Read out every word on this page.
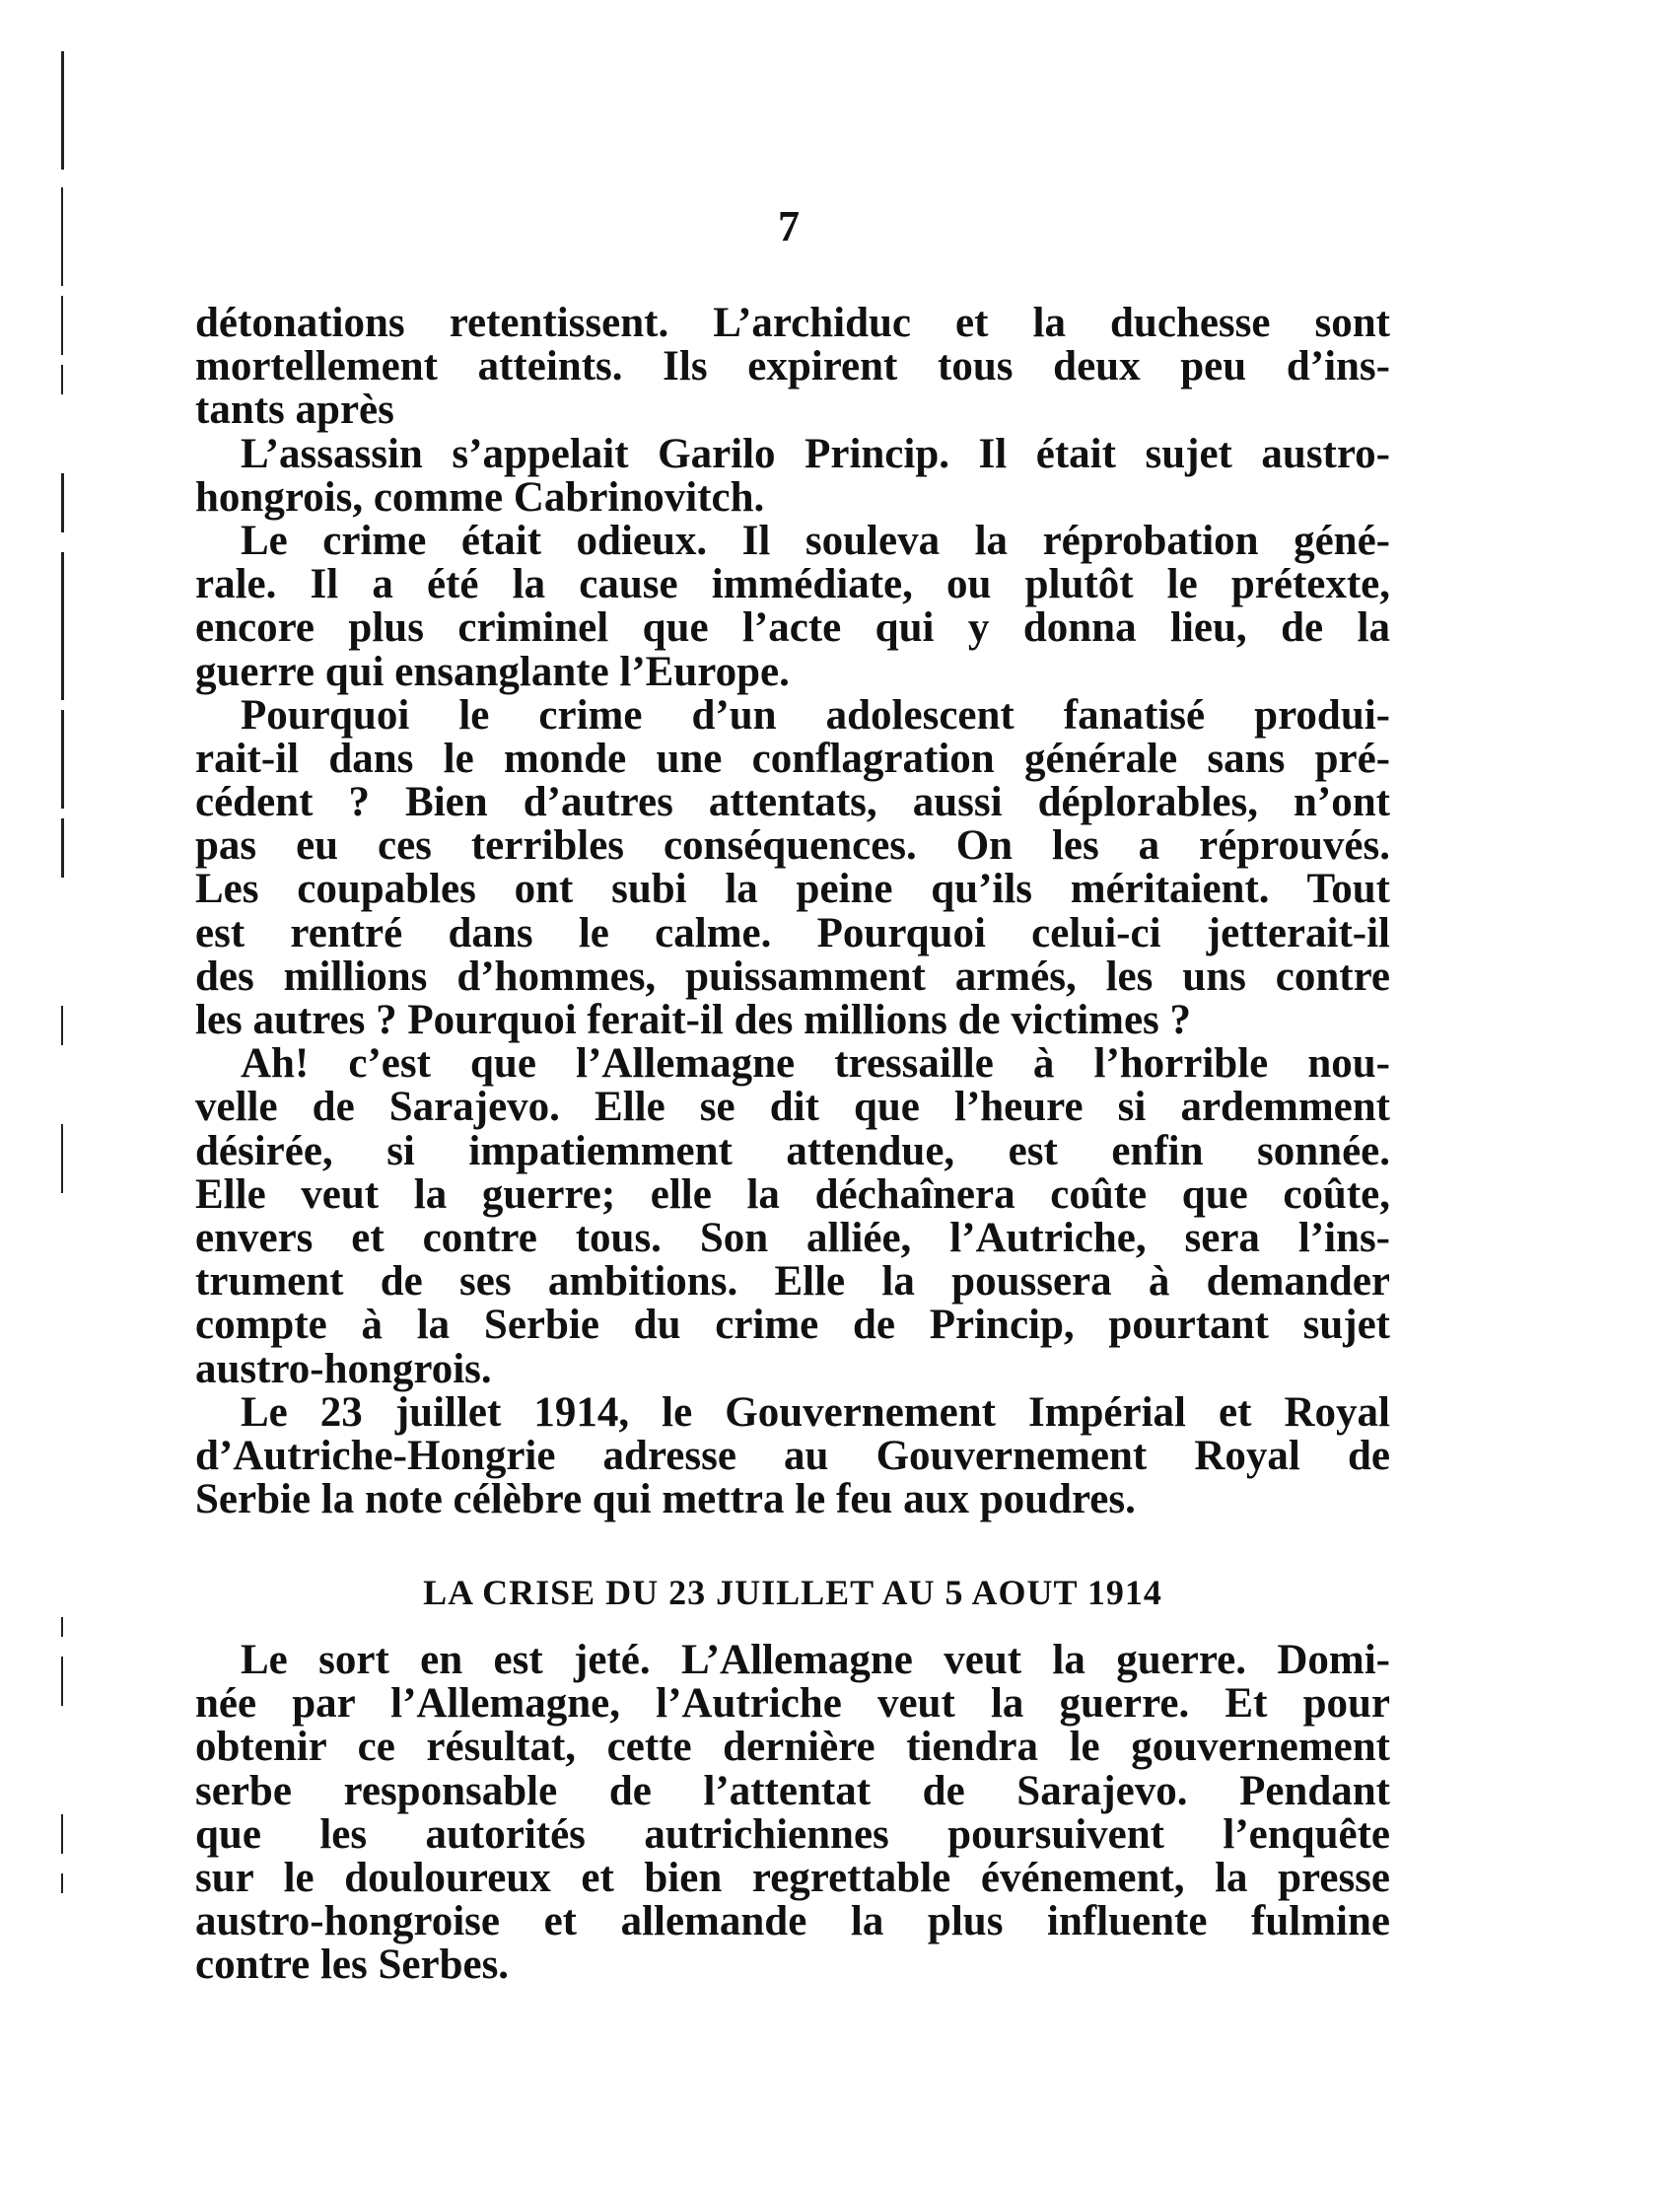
7
détonations retentissent. L’archiduc et la duchesse sont
mortellement atteints. Ils expirent tous deux peu d’ins-
tants après
L’assassin s’appelait Garilo Princip. Il était sujet austro-
hongrois, comme Cabrinovitch.
Le crime était odieux. Il souleva la réprobation géné-
rale. Il a été la cause immédiate, ou plutôt le prétexte,
encore plus criminel que l’acte qui y donna lieu, de la
guerre qui ensanglante l’Europe.
Pourquoi le crime d’un adolescent fanatisé produi-
rait-il dans le monde une conflagration générale sans pré-
cédent ? Bien d’autres attentats, aussi déplorables, n’ont
pas eu ces terribles conséquences. On les a réprouvés.
Les coupables ont subi la peine qu’ils méritaient. Tout
est rentré dans le calme. Pourquoi celui-ci jetterait-il
des millions d’hommes, puissamment armés, les uns contre
les autres ? Pourquoi ferait-il des millions de victimes ?
Ah! c’est que l’Allemagne tressaille à l’horrible nou-
velle de Sarajevo. Elle se dit que l’heure si ardemment
désirée, si impatiemment attendue, est enfin sonnée.
Elle veut la guerre; elle la déchaînera coûte que coûte,
envers et contre tous. Son alliée, l’Autriche, sera l’ins-
trument de ses ambitions. Elle la poussera à demander
compte à la Serbie du crime de Princip, pourtant sujet
austro-hongrois.
Le 23 juillet 1914, le Gouvernement Impérial et Royal
d’Autriche-Hongrie adresse au Gouvernement Royal de
Serbie la note célèbre qui mettra le feu aux poudres.
LA CRISE DU 23 JUILLET AU 5 AOUT 1914
Le sort en est jeté. L’Allemagne veut la guerre. Domi-
née par l’Allemagne, l’Autriche veut la guerre. Et pour
obtenir ce résultat, cette dernière tiendra le gouvernement
serbe responsable de l’attentat de Sarajevo. Pendant
que les autorités autrichiennes poursuivent l’enquête
sur le douloureux et bien regrettable événement, la presse
austro-hongroise et allemande la plus influente fulmine
contre les Serbes.
